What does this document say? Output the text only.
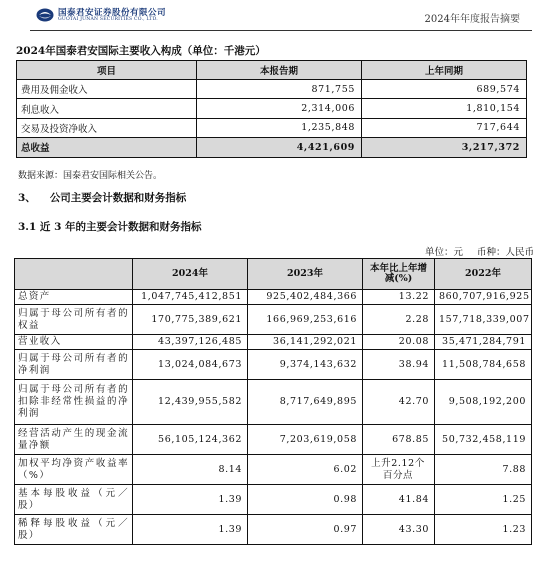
国泰君安证券股份有限公司
GUOTAI JUNAN SECURITIES CO., LTD.	2024年年度报告摘要
2024年国泰君安国际主要收入构成（单位：千港元）
项目	本报告期	上年同期
费用及佣金收入	871,755	689,574
利息收入	2,314,006	1,810,154
交易及投资净收入	1,235,848	717,644
总收益	4,421,609	3,217,372
数据来源：国泰君安国际相关公告。
3、 公司主要会计数据和财务指标
3.1 近 3 年的主要会计数据和财务指标
单位：元 币种：人民币
	2024年	2023年	本年比上年增减(%)	2022年
总资产	1,047,745,412,851	925,402,484,366	13.22	860,707,916,925
归属于母公司所有者的权益	170,775,389,621	166,969,253,616	2.28	157,718,339,007
营业收入	43,397,126,485	36,141,292,021	20.08	35,471,284,791
归属于母公司所有者的净利润	13,024,084,673	9,374,143,632	38.94	11,508,784,658
归属于母公司所有者的扣除非经常性损益的净利润	12,439,955,582	8,717,649,895	42.70	9,508,192,200
经营活动产生的现金流量净额	56,105,124,362	7,203,619,058	678.85	50,732,458,119
加权平均净资产收益率（%）	8.14	6.02	上升2.12个百分点	7.88
基本每股收益（元／股）	1.39	0.98	41.84	1.25
稀释每股收益（元／股）	1.39	0.97	43.30	1.23
